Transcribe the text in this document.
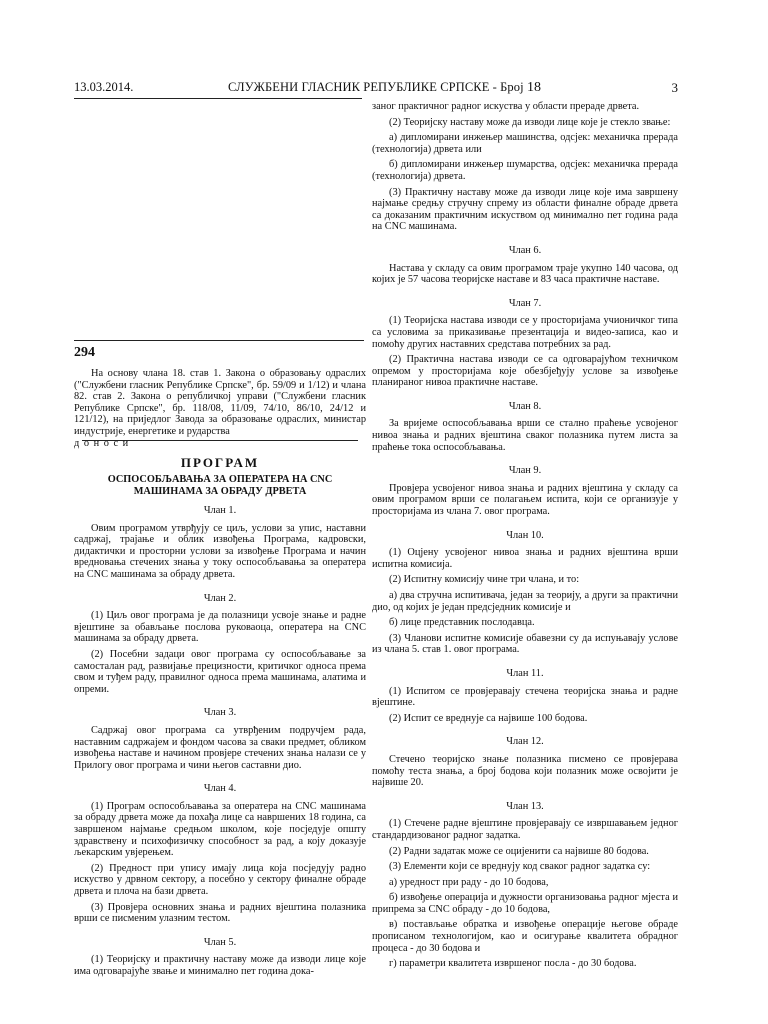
13.03.2014.	СЛУЖБЕНИ ГЛАСНИК РЕПУБЛИКЕ СРПСКЕ - Број 18	3
294

На основу члана 18. став 1. Закона о образовању одраслих ("Службени гласник Републике Српске", бр. 59/09 и 1/12) и члана 82. став 2. Закона о републичкој управи ("Службени гласник Републике Српске", бр. 118/08, 11/09, 74/10, 86/10, 24/12 и 121/12), на приједлог Завода за образовање одраслих, министар индустрије, енергетике и рударства

д о н о с и

ПРОГРАМ
ОСПОСОБЉАВАЊА ЗА ОПЕРАТЕРА НА CNC
МАШИНАМА ЗА ОБРАДУ ДРВЕТА
Члан 1.

Овим програмом утврђују се циљ, услови за упис, наставни садржај, трајање и облик извођења Програма, кадровски, дидактички и просторни услови за извођење Програма и начин вредновања стечених знања у току оспособљавања за оператера на CNC машинама за обраду дрвета.

Члан 2.

(1) Циљ овог програма је да полазници усвоје знање и радне вјештине за обављање послова руковаоца, оператера на CNC машинама за обраду дрвета.

(2) Посебни задаци овог програма су оспособљавање за самосталан рад, развијање прецизности, критичког односа према свом и туђем раду, правилног односа према машинама, алатима и опреми.

Члан 3.

Садржај овог програма са утврђеним подручјем рада, наставним садржајем и фондом часова за сваки предмет, обликом извођења наставе и начином провјере стечених знања налази се у Прилогу овог програма и чини његов саставни дио.

Члан 4.

(1) Програм оспособљавања за оператера на CNC машинама за обраду дрвета може да похађа лице са навршених 18 година, са завршеном најмање средњом школом, које посједује општу здравствену и психофизичку способност за рад, а коју доказује љекарским увјерењем.

(2) Предност при упису имају лица која посједују радно искуство у дрвном сектору, а посебно у сектору финалне обраде дрвета и плоча на бази дрвета.

(3) Провјера основних знања и радних вјештина полазника врши се писменим улазним тестом.

Члан 5.

(1) Теоријску и практичну наставу може да изводи лице које има одговарајуће звање и минимално пет година дока-

заног практичног радног искуства у области прераде дрвета.

(2) Теоријску наставу може да изводи лице које је стекло звање:

а) дипломирани инжењер машинства, одсјек: механичка прерада (технологија) дрвета или

б) дипломирани инжењер шумарства, одсјек: механичка прерада (технологија) дрвета.

(3) Практичну наставу може да изводи лице које има завршену најмање средњу стручну спрему из области финалне обраде дрвета са доказаним практичним искуством од минимално пет година рада на CNC машинама.

Члан 6.

Настава у складу са овим програмом траје укупно 140 часова, од којих је 57 часова теоријске наставе и 83 часа практичне наставе.

Члан 7.

(1) Теоријска настава изводи се у просторијама учионичког типа са условима за приказивање презентација и видео-записа, као и помоћу других наставних средстава потребних за рад.

(2) Практична настава изводи се са одговарајућом техничком опремом у просторијама које обезбјеђују услове за извођење планираног нивоа практичне наставе.

Члан 8.

За вријеме оспособљавања врши се стално праћење усвојеног нивоа знања и радних вјештина сваког полазника путем листа за праћење тока оспособљавања.

Члан 9.

Провјера усвојеног нивоа знања и радних вјештина у складу са овим програмом врши се полагањем испита, који се организује у просторијама из члана 7. овог програма.

Члан 10.

(1) Оцјену усвојеног нивоа знања и радних вјештина врши испитна комисија.

(2) Испитну комисију чине три члана, и то:

а) два стручна испитивача, један за теорију, а други за практични дио, од којих је један предсједник комисије и

б) лице представник послодавца.

(3) Чланови испитне комисије обавезни су да испуњавају услове из члана 5. став 1. овог програма.

Члан 11.

(1) Испитом се провјеравају стечена теоријска знања и радне вјештине.

(2) Испит се вреднује са највише 100 бодова.

Члан 12.

Стечено теоријско знање полазника писмено се провјерава помоћу теста знања, а број бодова који полазник може освојити је највише 20.

Члан 13.

(1) Стечене радне вјештине провјеравају се извршавањем једног стандардизованог радног задатка.

(2) Радни задатак може се оцијенити са највише 80 бодова.

(3) Елементи који се вреднују код сваког радног задатка су:

а) уредност при раду - до 10 бодова,

б) извођење операција и дужности организовања радног мјеста и припрема за CNC обраду - до 10 бодова,

в) постављање обратка и извођење операције његове обраде прописаном технологијом, као и осигурање квалитета обрадног процеса - до 30 бодова и

г) параметри квалитета извршеног посла - до 30 бодова.
